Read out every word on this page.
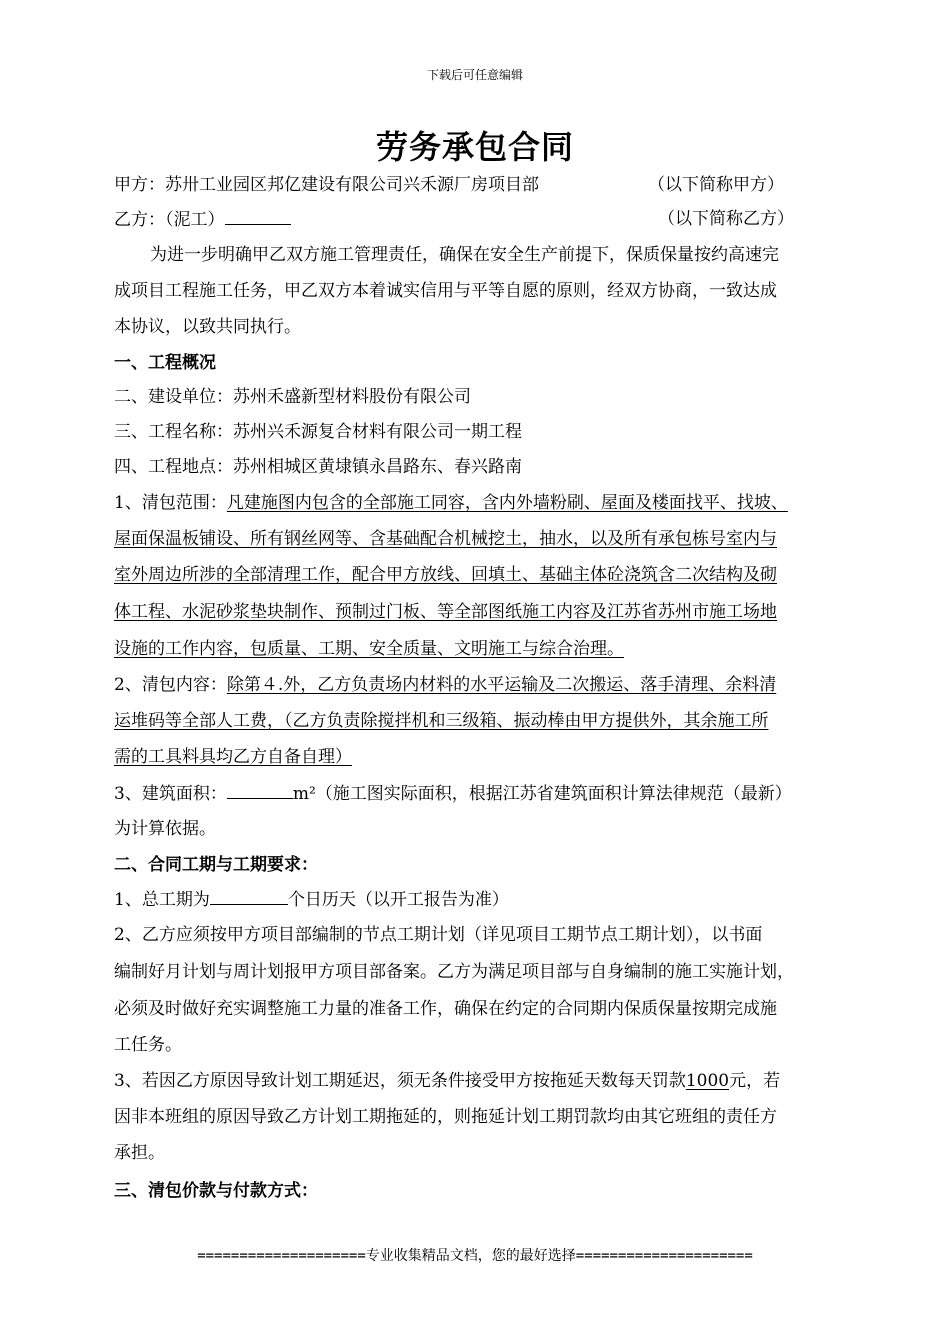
下载后可任意编辑
劳务承包合同
甲方：苏卅工业园区邦亿建设有限公司兴禾源厂房项目部	（以下简称甲方）
乙方：（泥工）	（以下简称乙方）
为进一步明确甲乙双方施工管理责任，确保在安全生产前提下，保质保量按约高速完
成项目工程施工任务，甲乙双方本着诚实信用与平等自愿的原则，经双方协商，一致达成
本协议，以致共同执行。
一、工程概况
二、建设单位：苏州禾盛新型材料股份有限公司
三、工程名称：苏州兴禾源复合材料有限公司一期工程
四、工程地点：苏州相城区黄埭镇永昌路东、春兴路南
1、清包范围：凡建施图内包含的全部施工同容，含内外墙粉刷、屋面及楼面找平、找坡、
屋面保温板铺设、所有钢丝网等、含基础配合机械挖土，抽水，以及所有承包栋号室内与
室外周边所涉的全部清理工作，配合甲方放线、回填土、基础主体砼浇筑含二次结构及砌
体工程、水泥砂浆垫块制作、预制过门板、等全部图纸施工内容及江苏省苏州市施工场地
设施的工作内容，包质量、工期、安全质量、文明施工与综合治理。
2、清包内容：除第４.外，乙方负责场内材料的水平运输及二次搬运、落手清理、余料清
运堆码等全部人工费，（乙方负责除搅拌机和三级箱、振动棒由甲方提供外，其余施工所
需的工具料具均乙方自备自理）
3、建筑面积：	m²（施工图实际面积，根据江苏省建筑面积计算法律规范（最新）
为计算依据。
二、合同工期与工期要求：
1、总工期为	个日历天（以开工报告为准）
2、乙方应须按甲方项目部编制的节点工期计划（详见项目工期节点工期计划），以书面
编制好月计划与周计划报甲方项目部备案。乙方为满足项目部与自身编制的施工实施计划，
必须及时做好充实调整施工力量的准备工作，确保在约定的合同期内保质保量按期完成施
工任务。
3、若因乙方原因导致计划工期延迟，须无条件接受甲方按拖延天数每天罚款1000元，若
因非本班组的原因导致乙方计划工期拖延的，则拖延计划工期罚款均由其它班组的责任方
承担。
三、清包价款与付款方式：
====================专业收集精品文档，您的最好选择=====================
